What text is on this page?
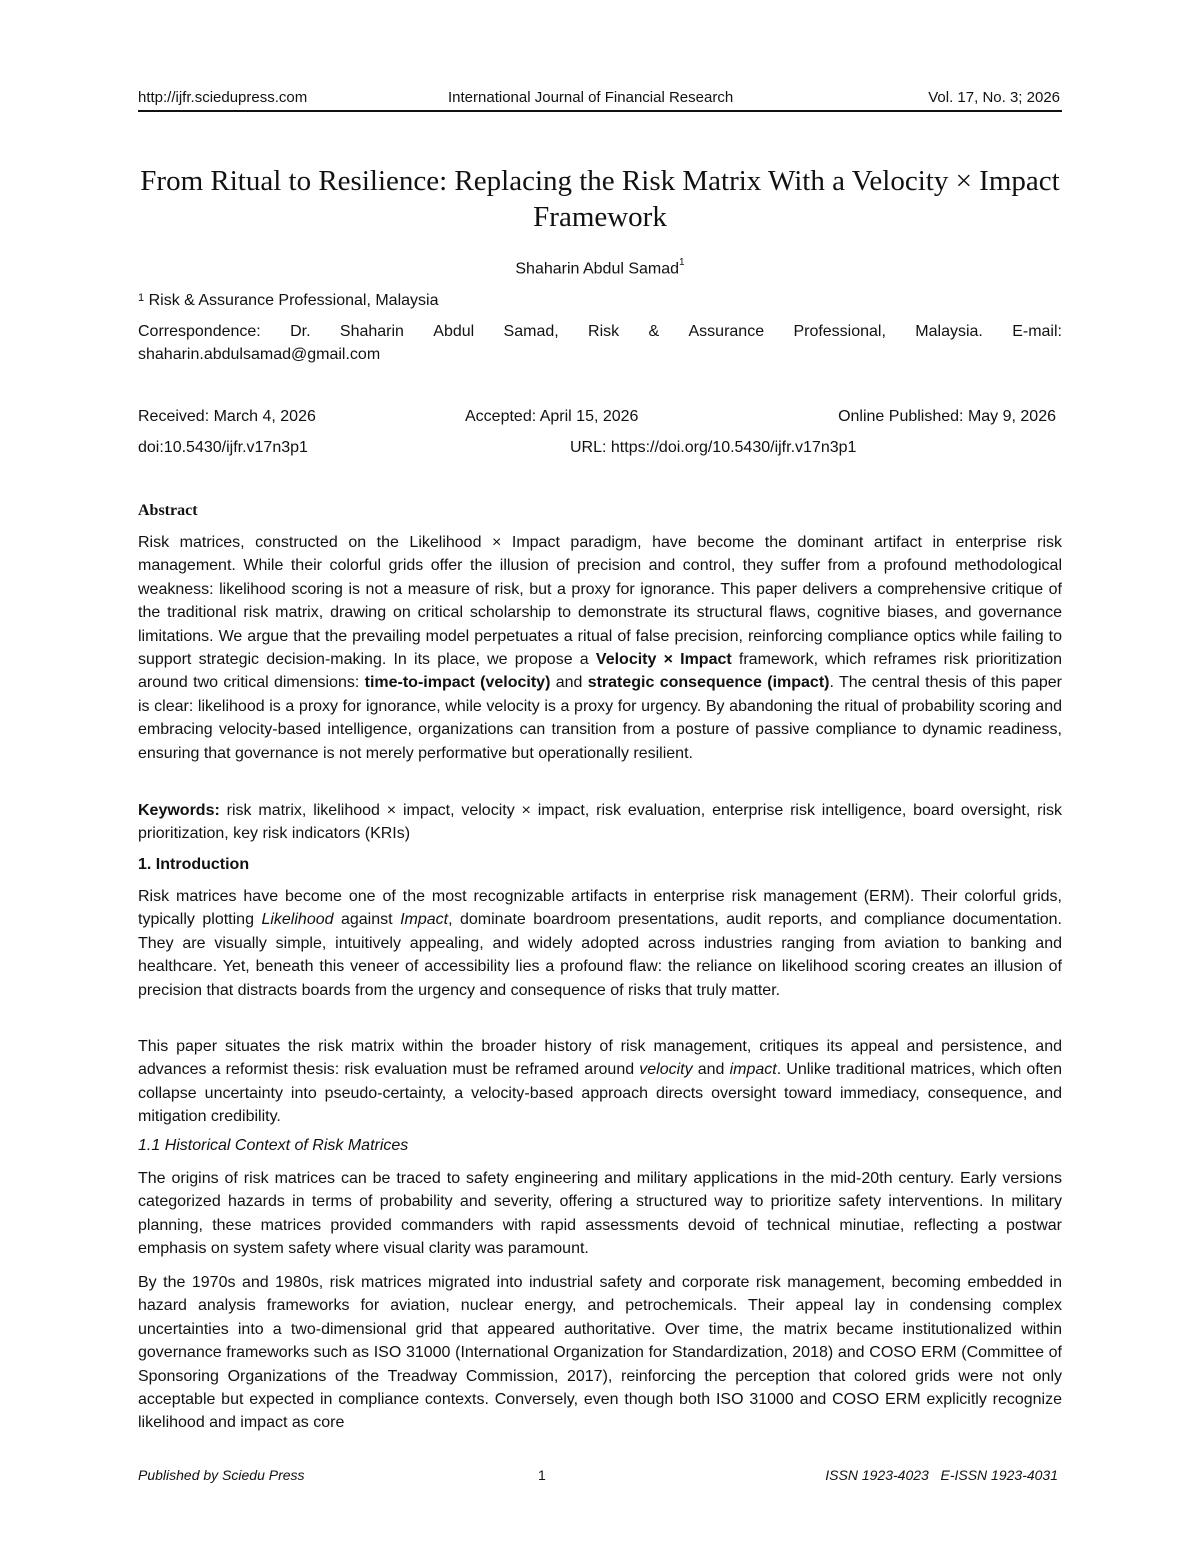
http://ijfr.sciedupress.com	International Journal of Financial Research	Vol. 17, No. 3; 2026
From Ritual to Resilience: Replacing the Risk Matrix With a Velocity × Impact Framework
Shaharin Abdul Samad$^1$
$^1$ Risk & Assurance Professional, Malaysia
Correspondence: Dr. Shaharin Abdul Samad, Risk & Assurance Professional, Malaysia. E-mail:
shaharin.abdulsamad@gmail.com
Received: March 4, 2026	Accepted: April 15, 2026	Online Published: May 9, 2026
doi:10.5430/ijfr.v17n3p1	URL: https://doi.org/10.5430/ijfr.v17n3p1
Abstract
Risk matrices, constructed on the Likelihood × Impact paradigm, have become the dominant artifact in enterprise risk management. While their colorful grids offer the illusion of precision and control, they suffer from a profound methodological weakness: likelihood scoring is not a measure of risk, but a proxy for ignorance. This paper delivers a comprehensive critique of the traditional risk matrix, drawing on critical scholarship to demonstrate its structural flaws, cognitive biases, and governance limitations. We argue that the prevailing model perpetuates a ritual of false precision, reinforcing compliance optics while failing to support strategic decision-making. In its place, we propose a Velocity × Impact framework, which reframes risk prioritization around two critical dimensions: time-to-impact (velocity) and strategic consequence (impact). The central thesis of this paper is clear: likelihood is a proxy for ignorance, while velocity is a proxy for urgency. By abandoning the ritual of probability scoring and embracing velocity-based intelligence, organizations can transition from a posture of passive compliance to dynamic readiness, ensuring that governance is not merely performative but operationally resilient.
Keywords: risk matrix, likelihood × impact, velocity × impact, risk evaluation, enterprise risk intelligence, board oversight, risk prioritization, key risk indicators (KRIs)
1. Introduction
Risk matrices have become one of the most recognizable artifacts in enterprise risk management (ERM). Their colorful grids, typically plotting Likelihood against Impact, dominate boardroom presentations, audit reports, and compliance documentation. They are visually simple, intuitively appealing, and widely adopted across industries ranging from aviation to banking and healthcare. Yet, beneath this veneer of accessibility lies a profound flaw: the reliance on likelihood scoring creates an illusion of precision that distracts boards from the urgency and consequence of risks that truly matter.
This paper situates the risk matrix within the broader history of risk management, critiques its appeal and persistence, and advances a reformist thesis: risk evaluation must be reframed around velocity and impact. Unlike traditional matrices, which often collapse uncertainty into pseudo-certainty, a velocity-based approach directs oversight toward immediacy, consequence, and mitigation credibility.
1.1 Historical Context of Risk Matrices
The origins of risk matrices can be traced to safety engineering and military applications in the mid-20th century. Early versions categorized hazards in terms of probability and severity, offering a structured way to prioritize safety interventions. In military planning, these matrices provided commanders with rapid assessments devoid of technical minutiae, reflecting a postwar emphasis on system safety where visual clarity was paramount.
By the 1970s and 1980s, risk matrices migrated into industrial safety and corporate risk management, becoming embedded in hazard analysis frameworks for aviation, nuclear energy, and petrochemicals. Their appeal lay in condensing complex uncertainties into a two-dimensional grid that appeared authoritative. Over time, the matrix became institutionalized within governance frameworks such as ISO 31000 (International Organization for Standardization, 2018) and COSO ERM (Committee of Sponsoring Organizations of the Treadway Commission, 2017), reinforcing the perception that colored grids were not only acceptable but expected in compliance contexts. Conversely, even though both ISO 31000 and COSO ERM explicitly recognize likelihood and impact as core
Published by Sciedu Press	1	ISSN 1923-4023   E-ISSN 1923-4031
